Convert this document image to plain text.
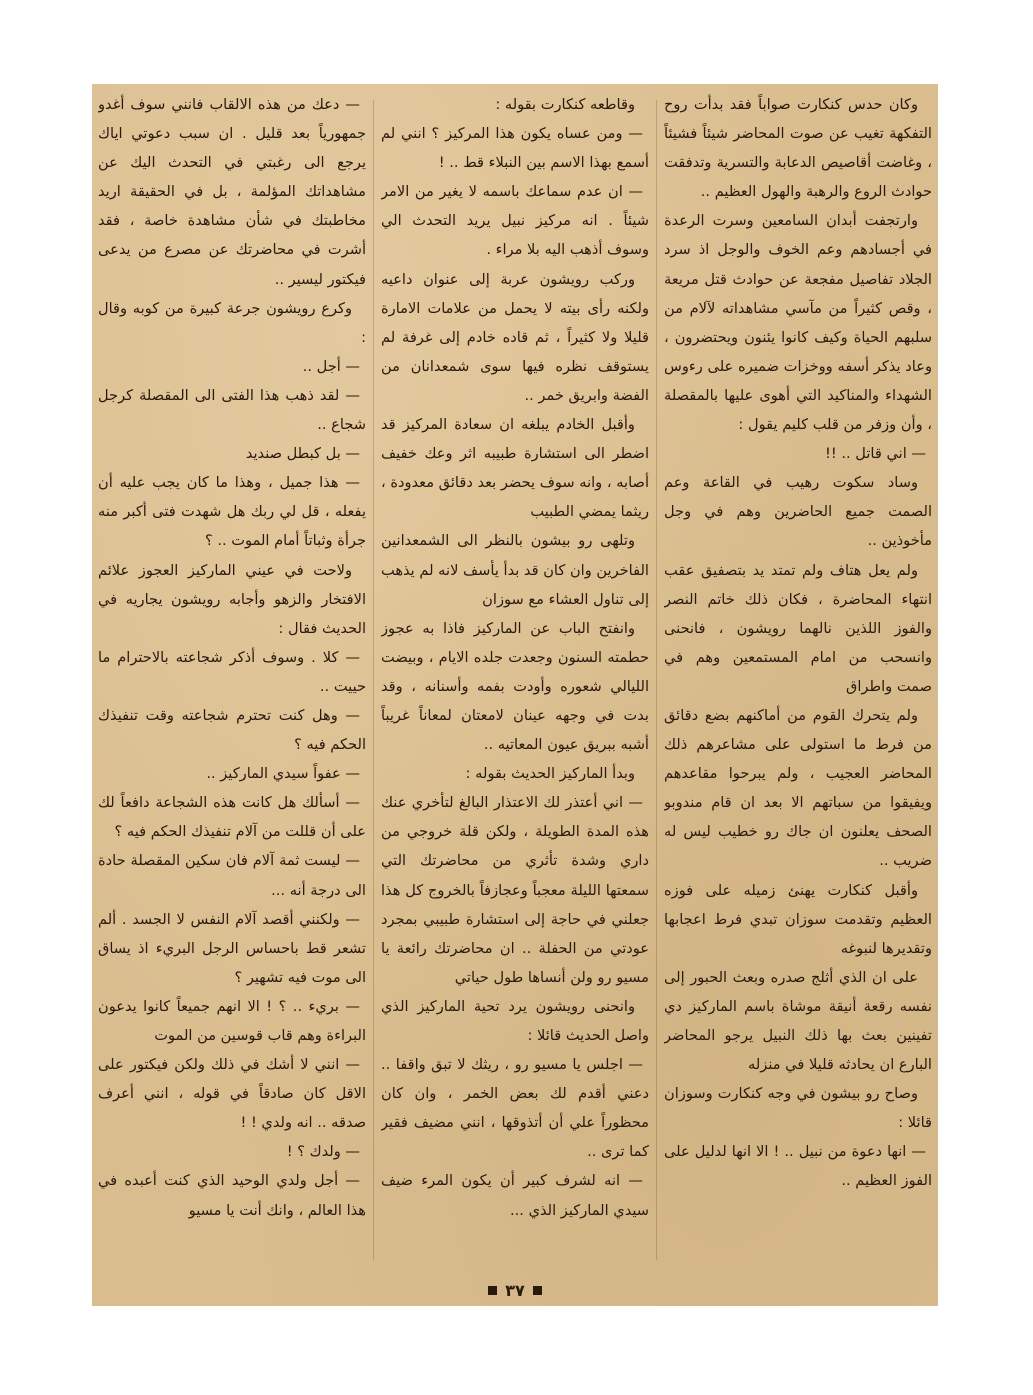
وكان حدس كنكارت صواباً فقد بدأت روح التفكهة تغيب عن صوت المحاضر شيئاً فشيئاً ، وغاضت أقاصيص الدعابة والتسرية وتدفقت حوادث الروع والرهبة والهول العظيم ..

وارتجفت أبدان السامعين وسرت الرعدة في أجسادهم وعم الخوف والوجل اذ سرد الجلاد تفاصيل مفجعة عن حوادث قتل مريعة ، وقص كثيراً من مآسي مشاهداته لآلام من سلبهم الحياة وكيف كانوا يئنون ويحتضرون ، وعاد يذكر أسفه ووخزات ضميره على رءوس الشهداء والمناكيد التي أهوى عليها بالمقصلة ، وأن وزفر من قلب كليم يقول :

— اني قاتل .. !!

وساد سكوت رهيب في القاعة وعم الصمت جميع الحاضرين وهم في وجل مأخوذين ..

ولم يعل هتاف ولم تمتد يد بتصفيق عقب انتهاء المحاضرة ، فكان ذلك خاتم النصر والفوز اللذين نالهما رويشون ، فانحنى وانسحب من امام المستمعين وهم في صمت واطراق

ولم يتحرك القوم من أماكنهم بضع دقائق من فرط ما استولى على مشاعرهم ذلك المحاضر العجيب ، ولم يبرحوا مقاعدهم ويفيقوا من سباتهم الا بعد ان قام مندوبو الصحف يعلنون ان جاك رو خطيب ليس له ضريب ..

وأقبل كنكارت يهنئ زميله على فوزه العظيم وتقدمت سوزان تبدي فرط اعجابها وتقديرها لنبوغه

على ان الذي أثلج صدره وبعث الحبور إلى نفسه رقعة أنيقة موشاة باسم الماركيز دي تفينين بعث بها ذلك النبيل يرجو المحاضر البارع ان يحادثه قليلا في منزله

وصاح رو بيشون في وجه كنكارت وسوزان قائلا :

— انها دعوة من نبيل .. ! الا انها لدليل على الفوز العظيم ..

وقاطعه كنكارت بقوله :

— ومن عساه يكون هذا المركيز ؟ انني لم أسمع بهذا الاسم بين النبلاء قط .. !

— ان عدم سماعك باسمه لا يغير من الامر شيئاً . انه مركيز نبيل يريد التحدث الي وسوف أذهب اليه بلا مراء .

وركب رويشون عربة إلى عنوان داعيه ولكنه رأى بيته لا يحمل من علامات الامارة قليلا ولا كثيراً ، ثم قاده خادم إلى غرفة لم يستوقف نظره فيها سوى شمعدانان من الفضة وابريق خمر ..

وأقبل الخادم يبلغه ان سعادة المركيز قد اضطر الى استشارة طبيبه اثر وعك خفيف أصابه ، وانه سوف يحضر بعد دقائق معدودة ، ريثما يمضي الطبيب

وتلهى رو بيشون بالنظر الى الشمعدانين الفاخرين وان كان قد بدأ يأسف لانه لم يذهب إلى تناول العشاء مع سوزان

وانفتح الباب عن الماركيز فاذا به عجوز حطمته السنون وجعدت جلده الايام ، وبيضت الليالي شعوره وأودت بفمه وأسنانه ، وقد بدت في وجهه عينان لامعتان لمعاناً غريباً أشبه ببريق عيون المعاتيه ..

وبدأ الماركيز الحديث بقوله :

— اني أعتذر لك الاعتذار البالغ لتأخري عنك هذه المدة الطويلة ، ولكن قلة خروجي من داري وشدة تأثري من محاضرتك التي سمعتها الليلة معجباً وعجازفاً بالخروج كل هذا جعلني في حاجة إلى استشارة طبيبي بمجرد عودتي من الحفلة .. ان محاضرتك رائعة يا مسيو رو ولن أنساها طول حياتي

وانحنى رويشون يرد تحية الماركيز الذي واصل الحديث قائلا :

— اجلس يا مسيو رو ، ريثك لا تبق واقفا .. دعني أقدم لك بعض الخمر ، وان كان محظوراً علي أن أتذوقها ، انني مضيف فقير كما ترى ..

— انه لشرف كبير أن يكون المرء ضيف سيدي الماركيز الذي ...

— دعك من هذه الالقاب فانني سوف أغدو جمهورياً بعد قليل . ان سبب دعوتي اياك يرجع الى رغبتي في التحدث اليك عن مشاهداتك المؤلمة ، بل في الحقيقة اريد مخاطبتك في شأن مشاهدة خاصة ، فقد أشرت في محاضرتك عن مصرع من يدعى فيكتور ليسير ..

وكرع رويشون جرعة كبيرة من كوبه وقال :

— أجل ..

— لقد ذهب هذا الفتى الى المقصلة كرجل شجاع ..

— بل كبطل صنديد

— هذا جميل ، وهذا ما كان يجب عليه أن يفعله ، قل لي ربك هل شهدت فتى أكبر منه جرأة وثباتاً أمام الموت .. ؟

ولاحت في عيني الماركيز العجوز علائم الافتخار والزهو وأجابه رويشون يجاريه في الحديث فقال :

— كلا . وسوف أذكر شجاعته بالاحترام ما حييت ..

— وهل كنت تحترم شجاعته وقت تنفيذك الحكم فيه ؟

— عفواً سيدي الماركيز ..

— أسألك هل كانت هذه الشجاعة دافعاً لك على أن قللت من آلام تنفيذك الحكم فيه ؟

— ليست ثمة آلام فان سكين المقصلة حادة الى درجة أنه ...

— ولكنني أقصد آلام النفس لا الجسد . ألم تشعر قط باحساس الرجل البريء اذ يساق الى موت فيه تشهير ؟

— بريء .. ؟ ! الا انهم جميعاً كانوا يدعون البراءة وهم قاب قوسين من الموت

— انني لا أشك في ذلك ولكن فيكتور على الاقل كان صادقاً في قوله ، انني أعرف صدقه .. انه ولدي ! !

— ولدك ؟ !

— أجل ولدي الوحيد الذي كنت أعبده في هذا العالم ، وانك أنت يا مسيو

٣٧
